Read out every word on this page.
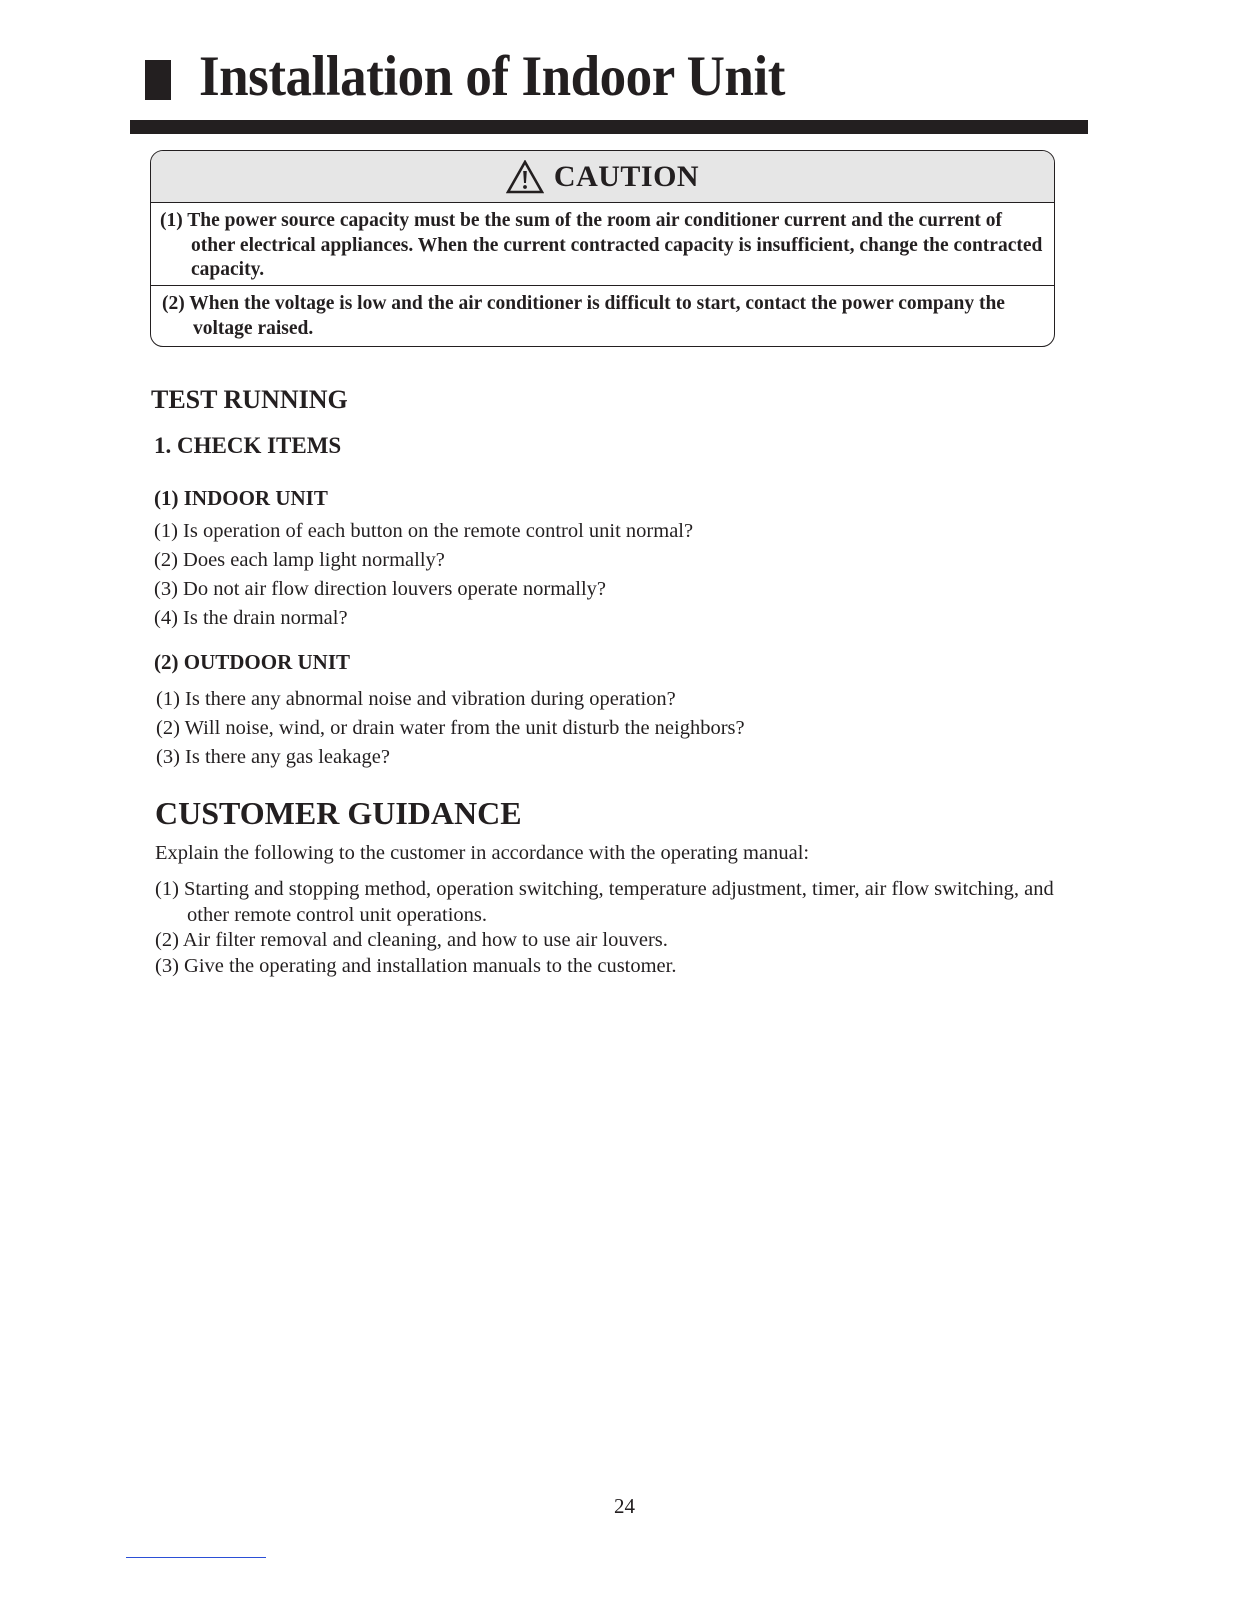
Installation of Indoor Unit
CAUTION
(1) The power source capacity must be the sum of the room air conditioner current and the current of other electrical appliances. When the current contracted capacity is insufficient, change the contracted capacity.
(2) When the voltage is low and the air conditioner is difficult to start, contact the power company the voltage raised.
TEST RUNNING
1. CHECK ITEMS
(1) INDOOR UNIT
(1) Is operation of each button on the remote control unit normal?
(2) Does each lamp light normally?
(3) Do not air flow direction louvers operate normally?
(4) Is the drain normal?
(2) OUTDOOR UNIT
(1) Is there any abnormal noise and vibration during operation?
(2) Will noise, wind, or drain water from the unit disturb the neighbors?
(3) Is there any gas leakage?
CUSTOMER GUIDANCE
Explain the following to the customer in accordance with the operating manual:
(1) Starting and stopping method, operation switching, temperature adjustment, timer, air flow switching, and other remote control unit operations.
(2) Air filter removal and cleaning, and how to use air louvers.
(3) Give the operating and installation manuals to the customer.
24
